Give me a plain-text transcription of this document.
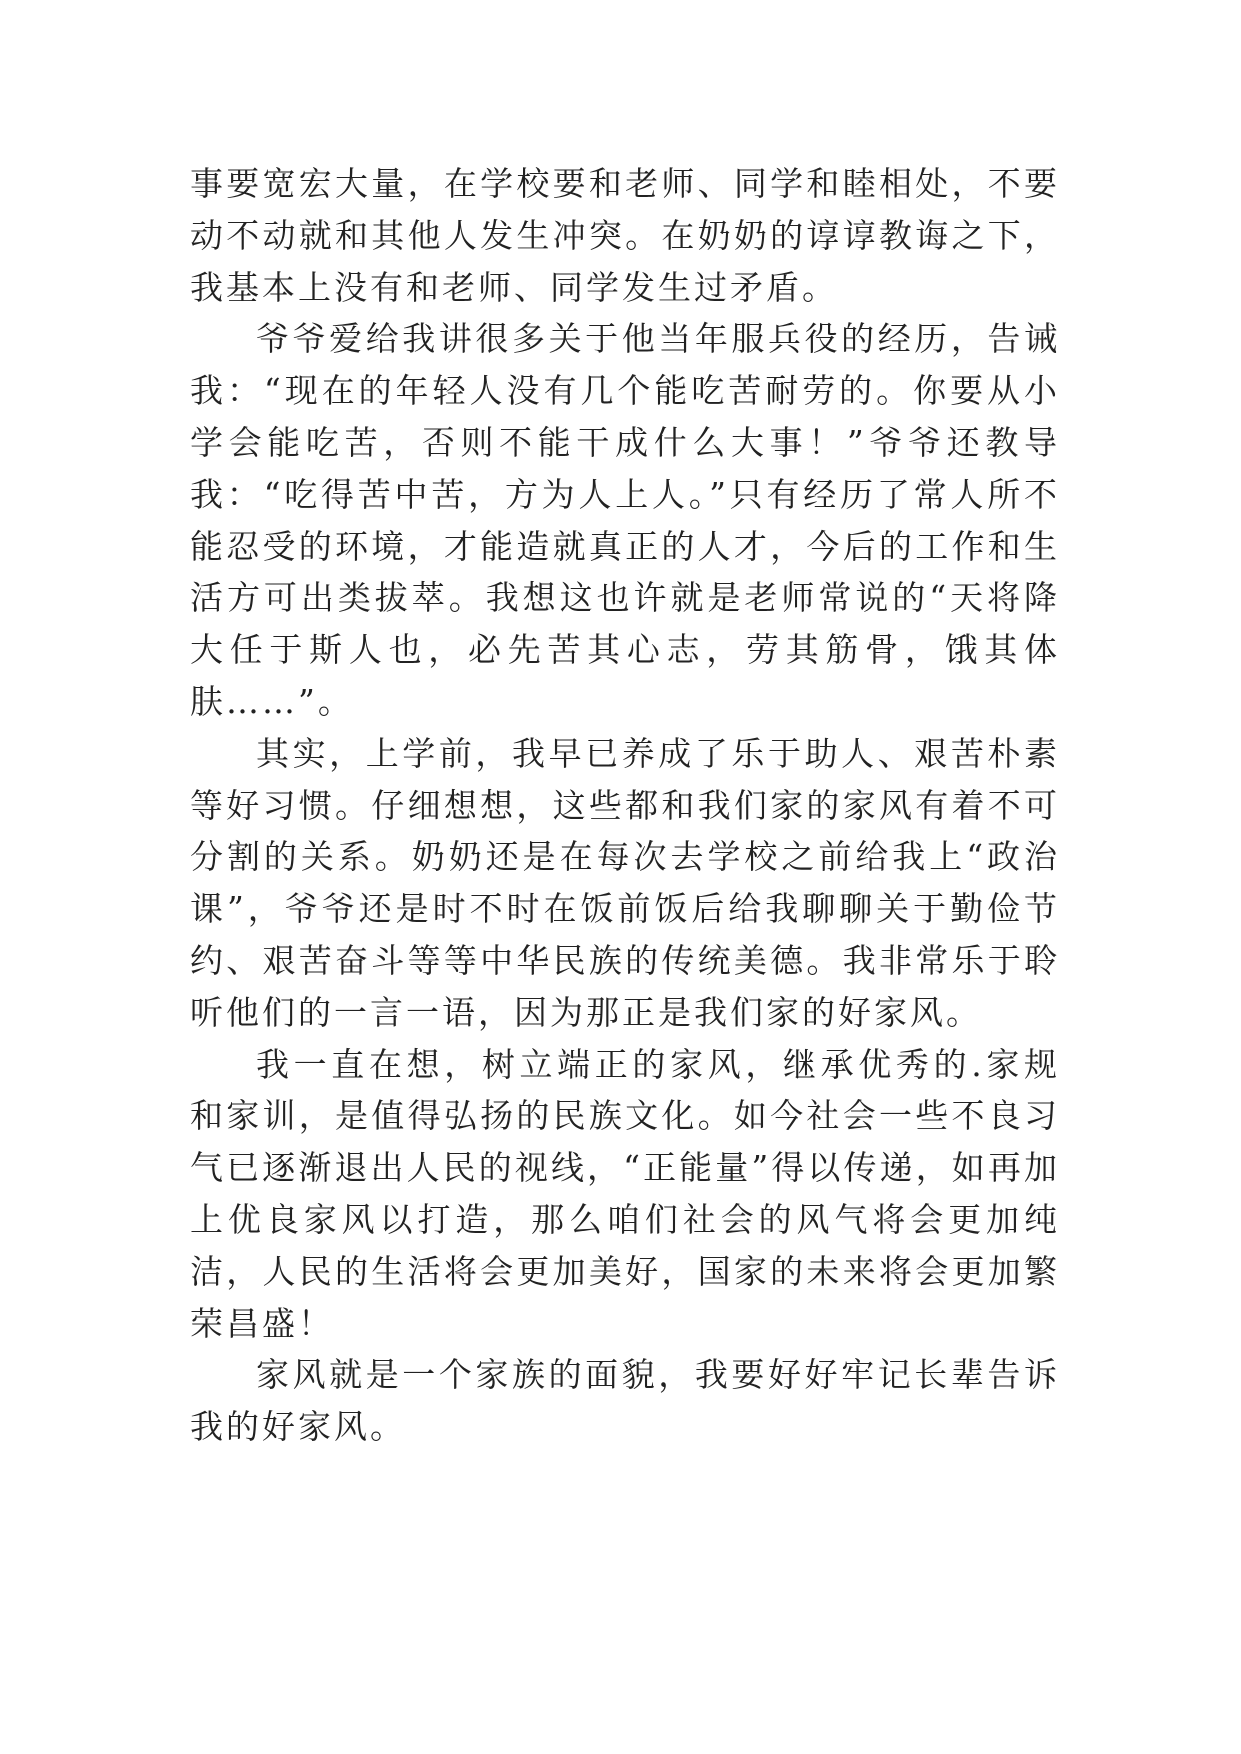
事要宽宏大量，在学校要和老师、同学和睦相处，不要动不动就和其他人发生冲突。在奶奶的谆谆教诲之下，我基本上没有和老师、同学发生过矛盾。

爷爷爱给我讲很多关于他当年服兵役的经历，告诫我：“现在的年轻人没有几个能吃苦耐劳的。你要从小学会能吃苦，否则不能干成什么大事！”爷爷还教导我：“吃得苦中苦，方为人上人。”只有经历了常人所不能忍受的环境，才能造就真正的人才，今后的工作和生活方可出类拔萃。我想这也许就是老师常说的“天将降大任于斯人也，必先苦其心志，劳其筋骨，饿其体肤……”。

其实，上学前，我早已养成了乐于助人、艰苦朴素等好习惯。仔细想想，这些都和我们家的家风有着不可分割的关系。奶奶还是在每次去学校之前给我上“政治课”，爷爷还是时不时在饭前饭后给我聊聊关于勤俭节约、艰苦奋斗等等中华民族的传统美德。我非常乐于聆听他们的一言一语，因为那正是我们家的好家风。

我一直在想，树立端正的家风，继承优秀的.家规和家训，是值得弘扬的民族文化。如今社会一些不良习气已逐渐退出人民的视线，“正能量”得以传递，如再加上优良家风以打造，那么咱们社会的风气将会更加纯洁，人民的生活将会更加美好，国家的未来将会更加繁荣昌盛！

家风就是一个家族的面貌，我要好好牢记长辈告诉我的好家风。
